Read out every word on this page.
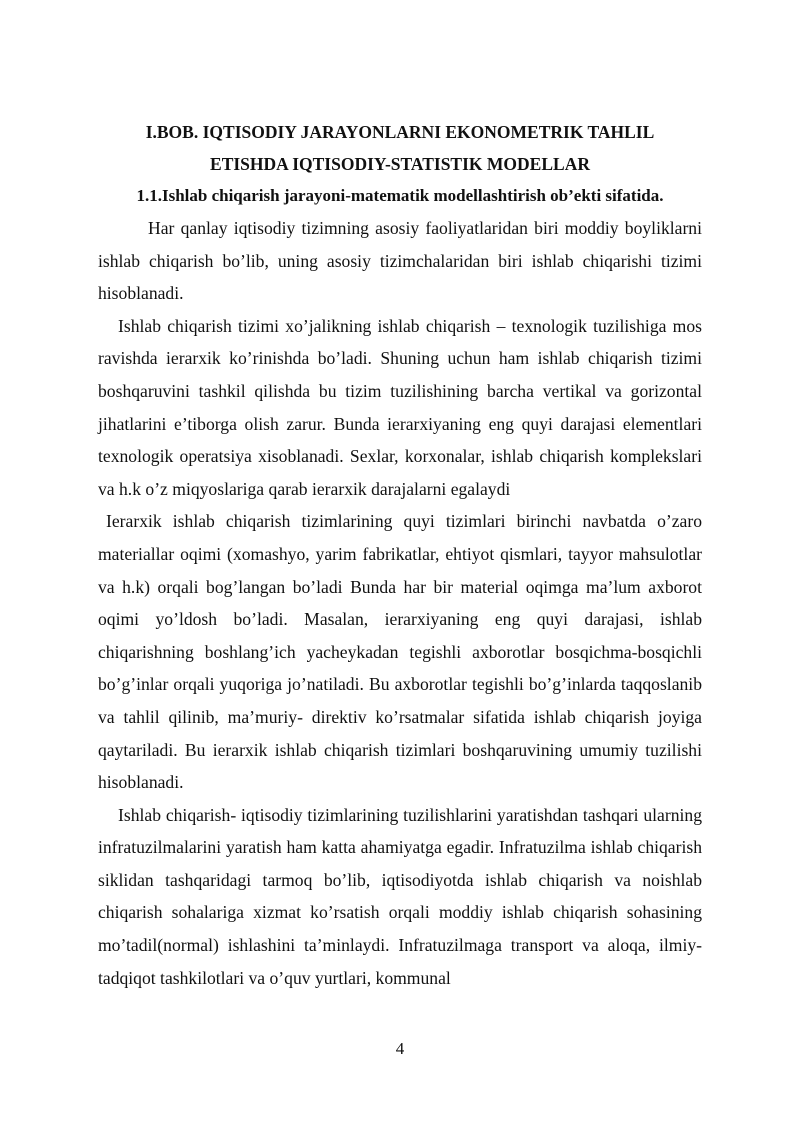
I.BOB. IQTISODIY JARAYONLARNI EKONOMETRIK TAHLIL

ETISHDA IQTISODIY-STATISTIK MODELLAR

1.1.Ishlab chiqarish jarayoni-matematik modellashtirish ob’ekti sifatida.

Har qanlay iqtisodiy tizimning asosiy faoliyatlaridan biri moddiy boyliklarni ishlab chiqarish bo’lib, uning asosiy tizimchalaridan biri ishlab chiqarishi tizimi hisoblanadi.

Ishlab chiqarish tizimi xo’jalikning ishlab chiqarish – texnologik tuzilishiga mos ravishda ierarxik ko’rinishda bo’ladi. Shuning uchun ham ishlab chiqarish tizimi boshqaruvini tashkil qilishda bu tizim tuzilishining barcha vertikal va gorizontal jihatlarini e’tiborga olish zarur. Bunda ierarxiyaning eng quyi darajasi elementlari texnologik operatsiya xisoblanadi. Sexlar, korxonalar, ishlab chiqarish komplekslari va h.k o’z miqyoslariga qarab ierarxik darajalarni egalaydi

Ierarxik ishlab chiqarish tizimlarining quyi tizimlari birinchi navbatda o’zaro materiallar oqimi (xomashyo, yarim fabrikatlar, ehtiyot qismlari, tayyor mahsulotlar va h.k) orqali bog’langan bo’ladi Bunda har bir material oqimga ma’lum axborot oqimi yo’ldosh bo’ladi. Masalan, ierarxiyaning eng quyi darajasi, ishlab chiqarishning boshlang’ich yacheykadan tegishli axborotlar bosqichma-bosqichli bo’g’inlar orqali yuqoriga jo’natiladi. Bu axborotlar tegishli bo’g’inlarda taqqoslanib va tahlil qilinib, ma’muriy- direktiv ko’rsatmalar sifatida ishlab chiqarish joyiga qaytariladi. Bu ierarxik ishlab chiqarish tizimlari boshqaruvining umumiy tuzilishi hisoblanadi.

Ishlab chiqarish- iqtisodiy tizimlarining tuzilishlarini yaratishdan tashqari ularning infratuzilmalarini yaratish ham katta ahamiyatga egadir. Infratuzilma ishlab chiqarish siklidan tashqaridagi tarmoq bo’lib, iqtisodiyotda ishlab chiqarish va noishlab chiqarish sohalariga xizmat ko’rsatish orqali moddiy ishlab chiqarish sohasining mo’tadil(normal) ishlashini ta’minlaydi. Infratuzilmaga transport va aloqa, ilmiy-tadqiqot tashkilotlari va o’quv yurtlari, kommunal

4
